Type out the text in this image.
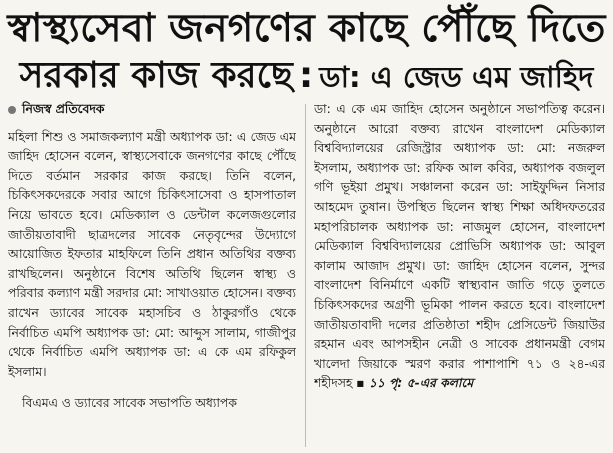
স্বাস্থ্যসেবা জনগণের কাছে পৌঁছে দিতে
সরকার কাজ করছে : ডা: এ জেড এম জাহিদ

নিজস্ব প্রতিবেদক

মহিলা শিশু ও সমাজকল্যাণ মন্ত্রী অধ্যাপক ডা: এ জেড এম জাহিদ হোসেন বলেন, স্বাস্থ্যসেবাকে জনগণের কাছে পৌঁছে দিতে বর্তমান সরকার কাজ করছে। তিনি বলেন, চিকিৎসকদেরকে সবার আগে চিকিৎসাসেবা ও হাসপাতাল নিয়ে ভাবতে হবে। মেডিক্যাল ও ডেন্টাল কলেজগুলোর জাতীয়তাবাদী ছাত্রদলের সাবেক নেতৃবৃন্দের উদ্যোগে আয়োজিত ইফতার মাহফিলে তিনি প্রধান অতিথির বক্তব্য রাখছিলেন। অনুষ্ঠানে বিশেষ অতিথি ছিলেন স্বাস্থ্য ও পরিবার কল্যাণ মন্ত্রী সরদার মো: সাখাওয়াত হোসেন। বক্তব্য রাখেন ড্যাবের সাবেক মহাসচিব ও ঠাকুরগাঁও থেকে নির্বাচিত এমপি অধ্যাপক ডা: মো: আব্দুস সালাম, গাজীপুর থেকে নির্বাচিত এমপি অধ্যাপক ডা: এ কে এম রফিকুল ইসলাম।

বিএমএ ও ড্যাবের সাবেক সভাপতি অধ্যাপক

ডা: এ কে এম জাহিদ হোসেন অনুষ্ঠানে সভাপতিত্ব করেন। অনুষ্ঠানে আরো বক্তব্য রাখেন বাংলাদেশ মেডিক্যাল বিশ্ববিদ্যালয়ের রেজিস্ট্রার অধ্যাপক ডা: মো: নজরুল ইসলাম, অধ্যাপক ডা: রফিক আল কবির, অধ্যাপক বজলুল গণি ভূইয়া প্রমুখ। সঞ্চালনা করেন ডা: সাইফুদ্দিন নিসার আহমেদ তুষান। উপস্থিত ছিলেন স্বাস্থ্য শিক্ষা অধিদফতরের মহাপরিচালক অধ্যাপক ডা: নাজমুল হোসেন, বাংলাদেশ মেডিক্যাল বিশ্ববিদ্যালয়ের প্রোভিসি অধ্যাপক ডা: আবুল কালাম আজাদ প্রমুখ। ডা: জাহিদ হোসেন বলেন, সুন্দর বাংলাদেশ বিনির্মাণে একটি স্বাস্থ্যবান জাতি গড়ে তুলতে চিকিৎসকদের অগ্রণী ভূমিকা পালন করতে হবে। বাংলাদেশ জাতীয়তাবাদী দলের প্রতিষ্ঠাতা শহীদ প্রেসিডেন্ট জিয়াউর রহমান এবং আপসহীন নেত্রী ও সাবেক প্রধানমন্ত্রী বেগম খালেদা জিয়াকে স্মরণ করার পাশাপাশি ৭১ ও ২৪-এর শহীদসহ ▪ ১১ পৃ: ৫-এর কলামে
